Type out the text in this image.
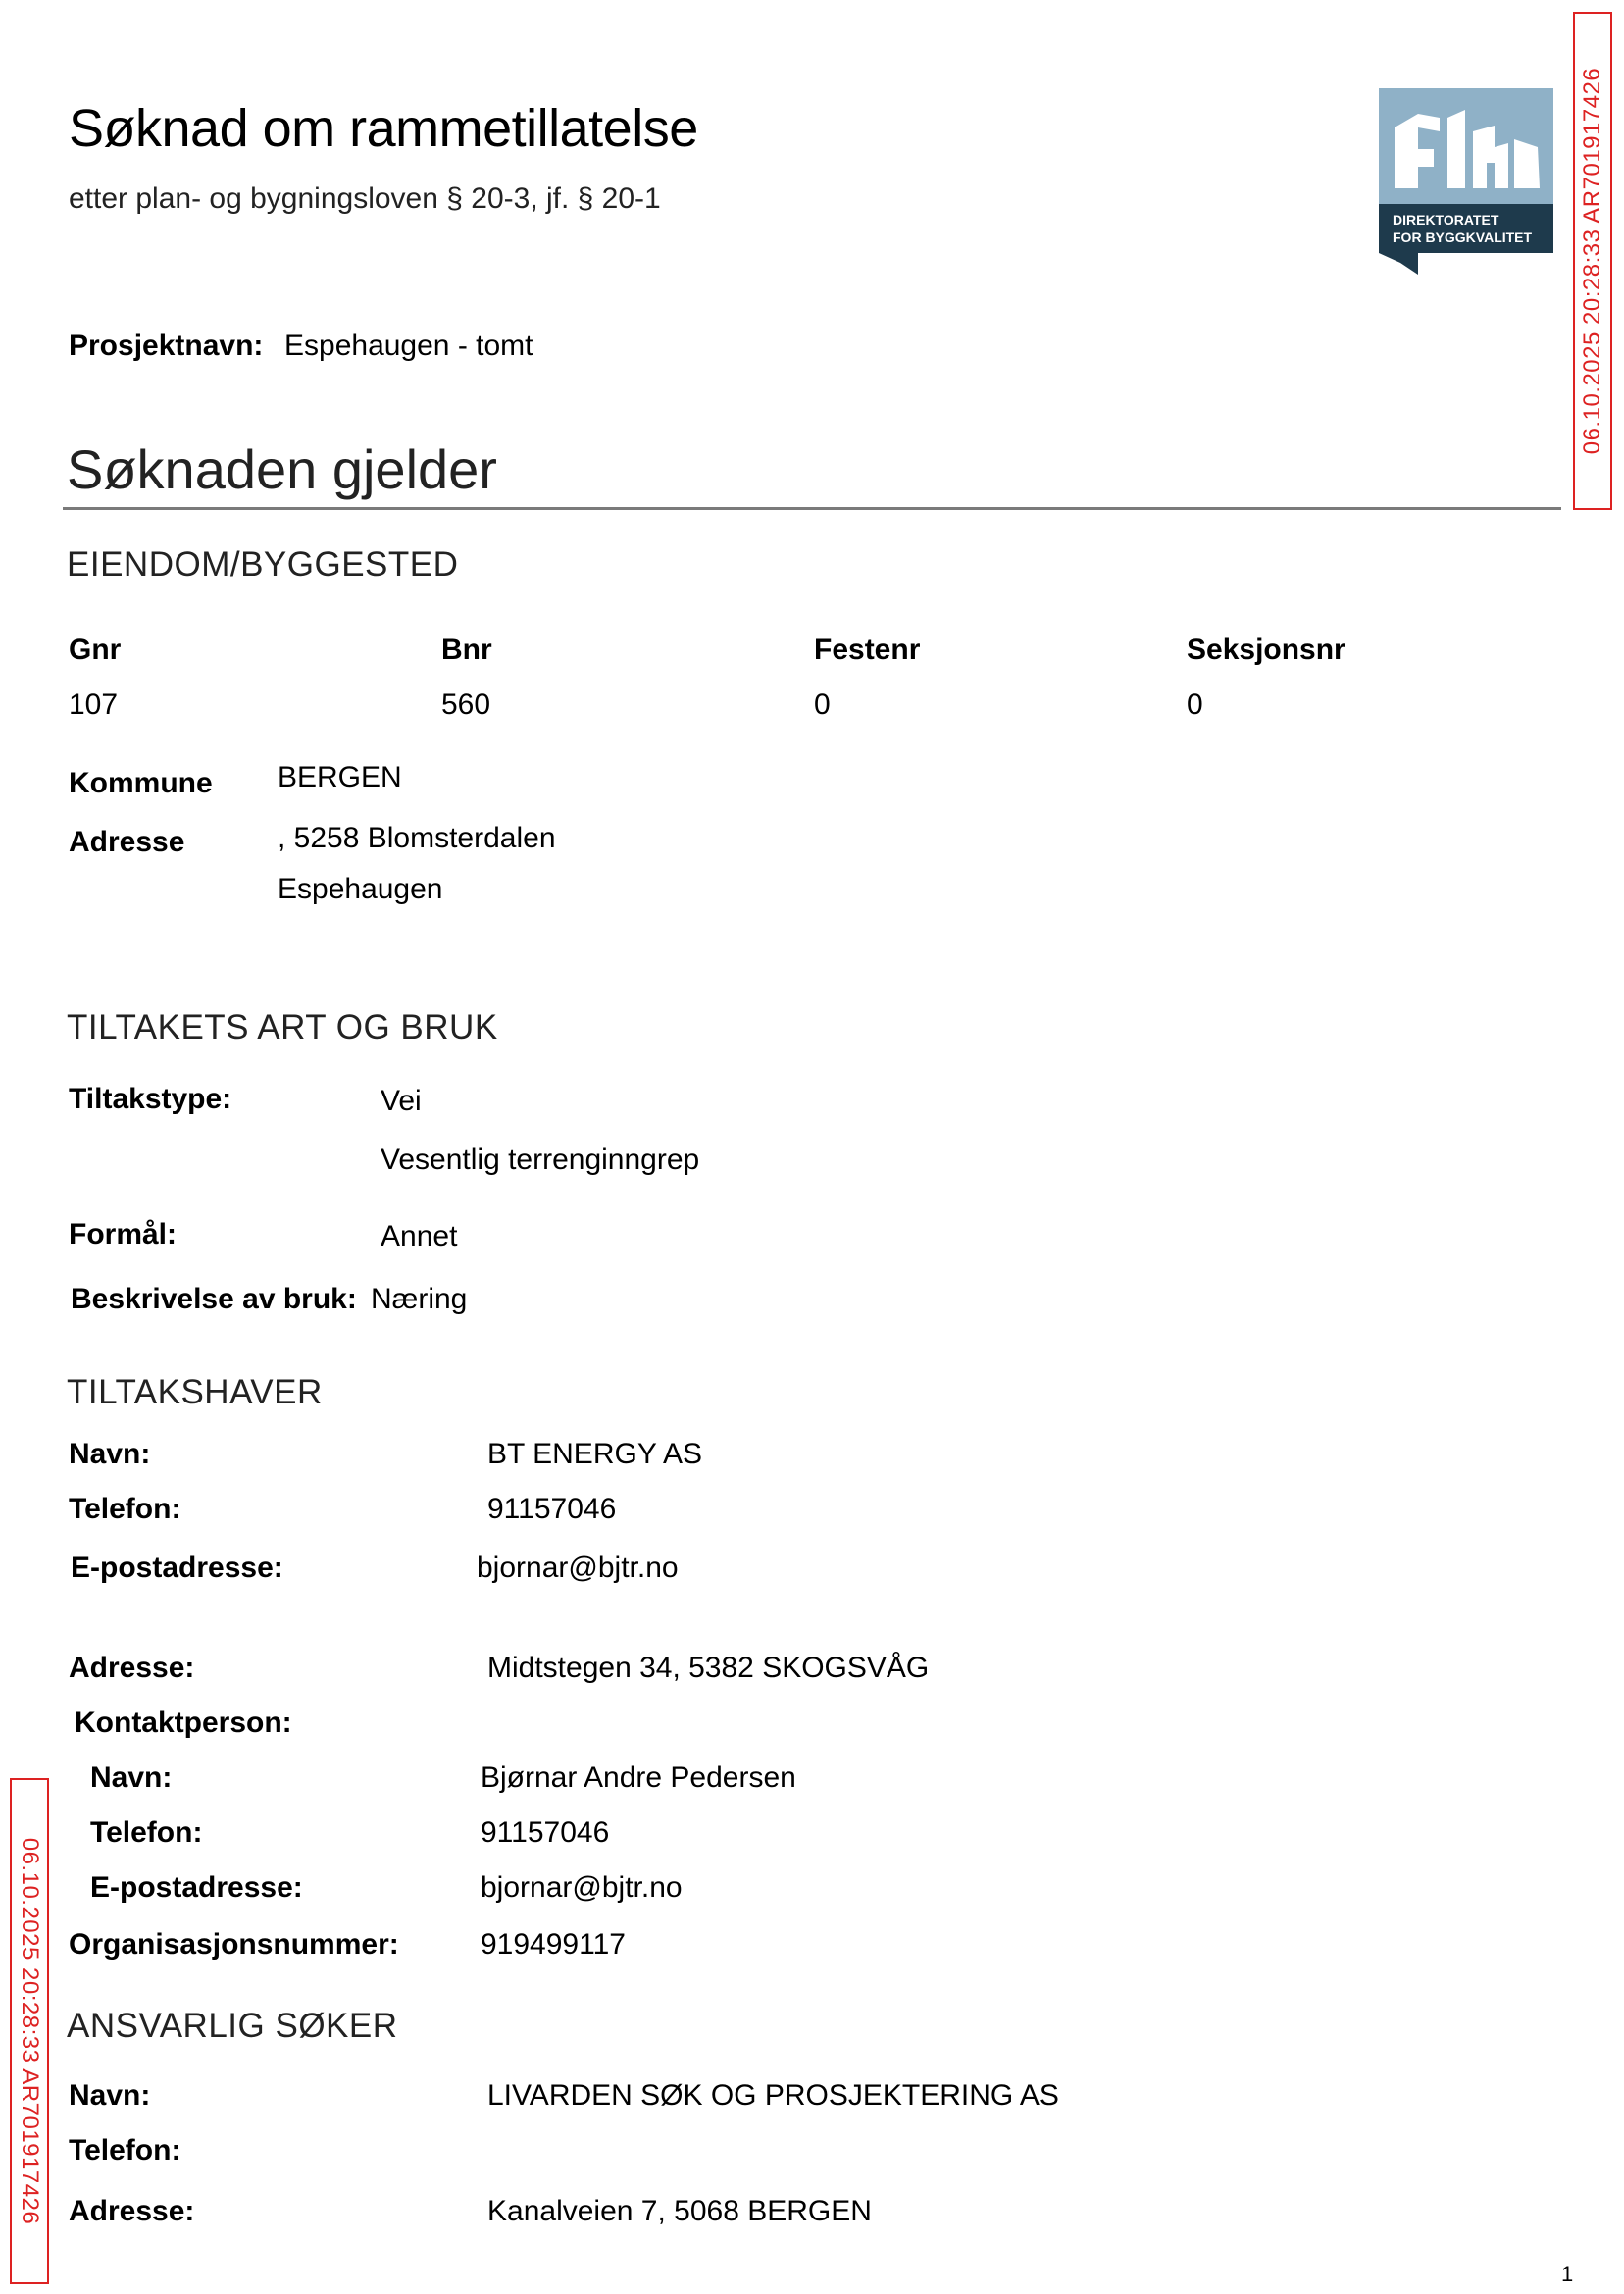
Søknad om rammetillatelse
etter plan- og bygningsloven § 20-3, jf. § 20-1
DIREKTORATET
FOR BYGGKVALITET 06.10.2025 20:28:33 AR701917426
Prosjektnavn: Espehaugen - tomt
Søknaden gjelder
EIENDOM/BYGGESTED
Gnr	Bnr	Festenr	Seksjonsnr
107	560	0	0
Kommune BERGEN
Adresse	, 5258 Blomsterdalen
Espehaugen
TILTAKETS ART OG BRUK
Tiltakstype:	Vei
Vesentlig terrenginngrep
Formål:	Annet
Beskrivelse av bruk: Næring
TILTAKSHAVER
Navn:	BT ENERGY AS
Telefon:	91157046
E-postadresse:	bjornar@bjtr.no
Adresse:	Midtstegen 34, 5382 SKOGSVÅG
Kontaktperson:
Navn:	Bjørnar Andre Pedersen
Telefon:	91157046
E-postadresse:	bjornar@bjtr.no
Organisasjonsnummer:	919499117
06.10.2025 20:28:33 AR701917426 ANSVARLIG SØKER
Navn:	LIVARDEN SØK OG PROSJEKTERING AS
Telefon:
Adresse:	Kanalveien 7, 5068 BERGEN
1
